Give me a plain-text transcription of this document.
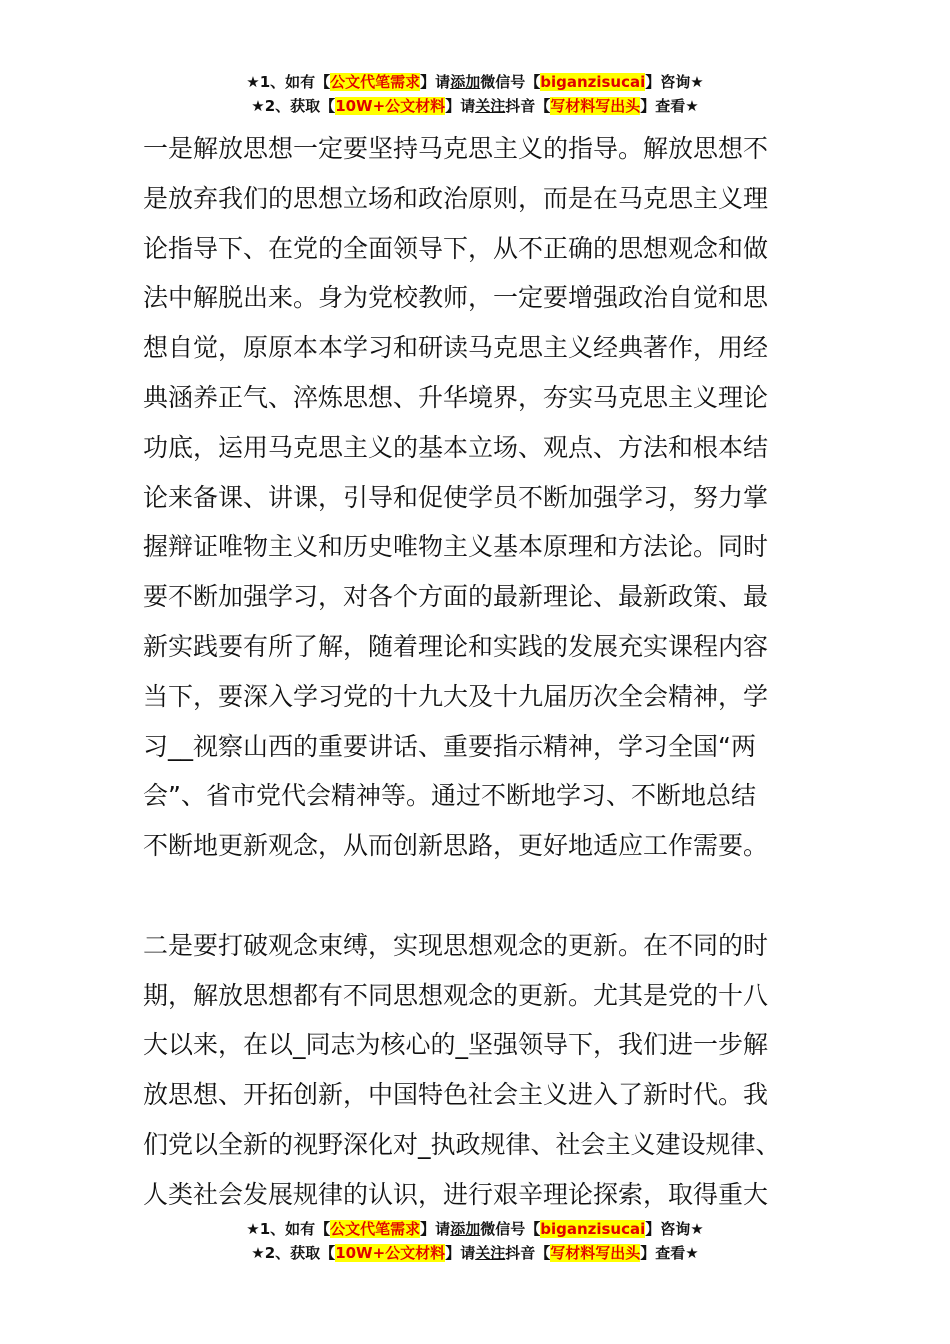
★1、如有【公文代笔需求】请添加微信号【biganzisucai】咨询★
★2、获取【10W+公文材料】请关注抖音【写材料写出头】查看★
一是解放思想一定要坚持马克思主义的指导。解放思想不
是放弃我们的思想立场和政治原则，而是在马克思主义理
论指导下、在党的全面领导下，从不正确的思想观念和做
法中解脱出来。身为党校教师，一定要增强政治自觉和思
想自觉，原原本本学习和研读马克思主义经典著作，用经
典涵养正气、淬炼思想、升华境界，夯实马克思主义理论
功底，运用马克思主义的基本立场、观点、方法和根本结
论来备课、讲课，引导和促使学员不断加强学习，努力掌
握辩证唯物主义和历史唯物主义基本原理和方法论。同时
要不断加强学习，对各个方面的最新理论、最新政策、最
新实践要有所了解，随着理论和实践的发展充实课程内容
当下，要深入学习党的十九大及十九届历次全会精神，学
习__视察山西的重要讲话、重要指示精神，学习全国“两
会”、省市党代会精神等。通过不断地学习、不断地总结
不断地更新观念，从而创新思路，更好地适应工作需要。
二是要打破观念束缚，实现思想观念的更新。在不同的时
期，解放思想都有不同思想观念的更新。尤其是党的十八
大以来，在以_同志为核心的_坚强领导下，我们进一步解
放思想、开拓创新，中国特色社会主义进入了新时代。我
们党以全新的视野深化对_执政规律、社会主义建设规律、
人类社会发展规律的认识，进行艰辛理论探索，取得重大
★1、如有【公文代笔需求】请添加微信号【biganzisucai】咨询★
★2、获取【10W+公文材料】请关注抖音【写材料写出头】查看★
